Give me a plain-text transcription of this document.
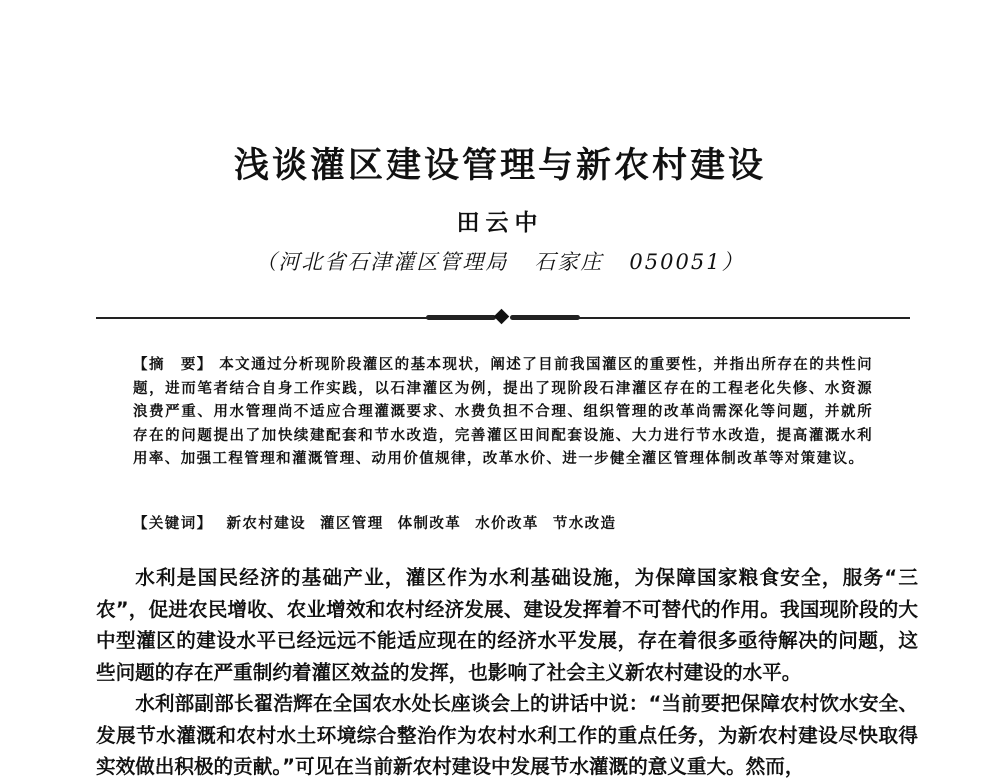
浅谈灌区建设管理与新农村建设
田云中
（河北省石津灌区管理局 石家庄 050051）
【摘　要】 本文通过分析现阶段灌区的基本现状，阐述了目前我国灌区的重要性，并指出所存在的共性问题，进而笔者结合自身工作实践，以石津灌区为例，提出了现阶段石津灌区存在的工程老化失修、水资源浪费严重、用水管理尚不适应合理灌溉要求、水费负担不合理、组织管理的改革尚需深化等问题，并就所存在的问题提出了加快续建配套和节水改造，完善灌区田间配套设施、大力进行节水改造，提高灌溉水利用率、加强工程管理和灌溉管理、动用价值规律，改革水价、进一步健全灌区管理体制改革等对策建议。
【关键词】 新农村建设 灌区管理 体制改革 水价改革 节水改造

水利是国民经济的基础产业，灌区作为水利基础设施，为保障国家粮食安全，服务“三农”，促进农民增收、农业增效和农村经济发展、建设发挥着不可替代的作用。我国现阶段的大中型灌区的建设水平已经远远不能适应现在的经济水平发展，存在着很多亟待解决的问题，这些问题的存在严重制约着灌区效益的发挥，也影响了社会主义新农村建设的水平。

水利部副部长翟浩辉在全国农水处长座谈会上的讲话中说：“当前要把保障农村饮水安全、发展节水灌溉和农村水土环境综合整治作为农村水利工作的重点任务，为新农村建设尽快取得实效做出积极的贡献。”可见在当前新农村建设中发展节水灌溉的意义重大。然而，
